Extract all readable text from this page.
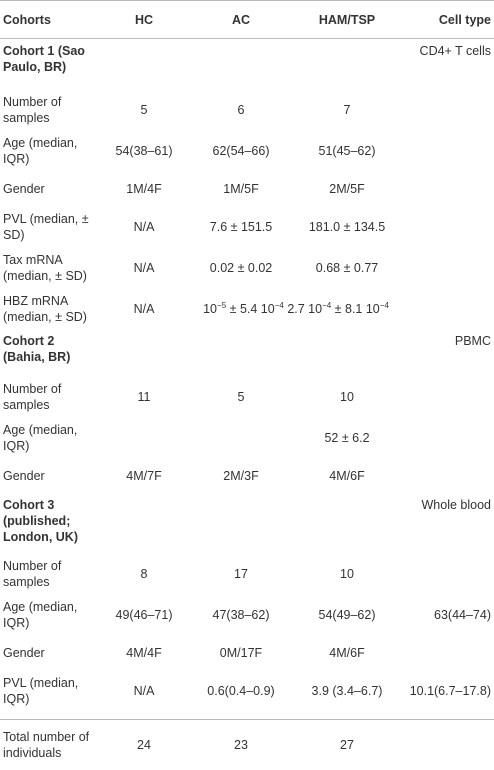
Cohorts	HC	AC	HAM/TSP	Cell type
Cohort 1 (Sao Paulo, BR)				CD4+ T cells
Number of samples	5	6	7	
Age (median, IQR)	54(38–61)	62(54–66)	51(45–62)	
Gender	1M/4F	1M/5F	2M/5F	
PVL (median, ± SD)	N/A	7.6 ± 151.5	181.0 ± 134.5	
Tax mRNA (median, ± SD)	N/A	0.02 ± 0.02	0.68 ± 0.77	
HBZ mRNA (median, ± SD)	N/A	$10^{-5} \pm 5.4$ $10^{-4}$ 2.7 $10^{-4} \pm 8.1$ $10^{-4}$	
Cohort 2 (Bahia, BR)				PBMC
Number of samples	11	5	10	
Age (median, IQR)			52 ± 6.2	
Gender	4M/7F	2M/3F	4M/6F	
Cohort 3 (published; London, UK)				Whole blood
Number of samples	8	17	10	
Age (median, IQR)	49(46–71)	47(38–62)	54(49–62)	63(44–74)
Gender	4M/4F	0M/17F	4M/6F	
PVL (median, IQR)	N/A	0.6(0.4–0.9)	3.9 (3.4–6.7)	10.1(6.7–17.8)

Total number of individuals	24	23	27	
